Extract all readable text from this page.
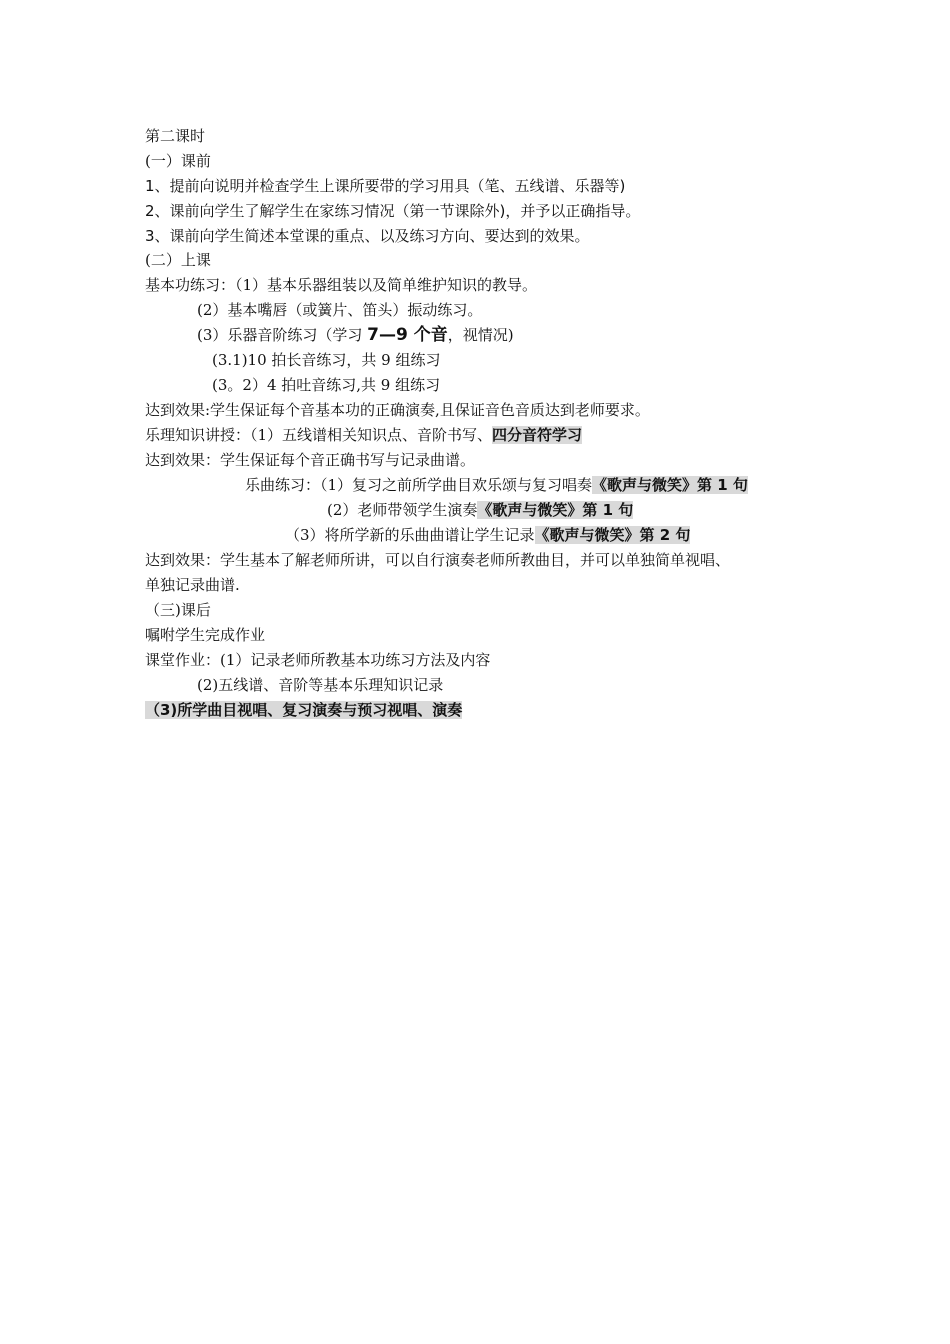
第二课时
(一）课前
1、提前向说明并检查学生上课所要带的学习用具（笔、五线谱、乐器等)
2、课前向学生了解学生在家练习情况（第一节课除外)，并予以正确指导。
3、课前向学生简述本堂课的重点、以及练习方向、要达到的效果。
(二）上课
基本功练习：（1）基本乐器组装以及简单维护知识的教导。
(2）基本嘴唇（或簧片、笛头）振动练习。
(3）乐器音阶练习（学习 7—9 个音，视情况)
(3.1)10 拍长音练习，共 9 组练习
(3。2）4 拍吐音练习,共 9 组练习
达到效果:学生保证每个音基本功的正确演奏,且保证音色音质达到老师要求。
乐理知识讲授：（1）五线谱相关知识点、音阶书写、四分音符学习
达到效果：学生保证每个音正确书写与记录曲谱。
乐曲练习：（1）复习之前所学曲目欢乐颂与复习唱奏《歌声与微笑》第 1 句
(2）老师带领学生演奏《歌声与微笑》第 1 句
（3）将所学新的乐曲曲谱让学生记录《歌声与微笑》第 2 句
达到效果：学生基本了解老师所讲，可以自行演奏老师所教曲目，并可以单独简单视唱、
单独记录曲谱.
（三)课后
嘱咐学生完成作业
课堂作业：(1）记录老师所教基本功练习方法及内容
(2)五线谱、音阶等基本乐理知识记录
（3)所学曲目视唱、复习演奏与预习视唱、演奏
